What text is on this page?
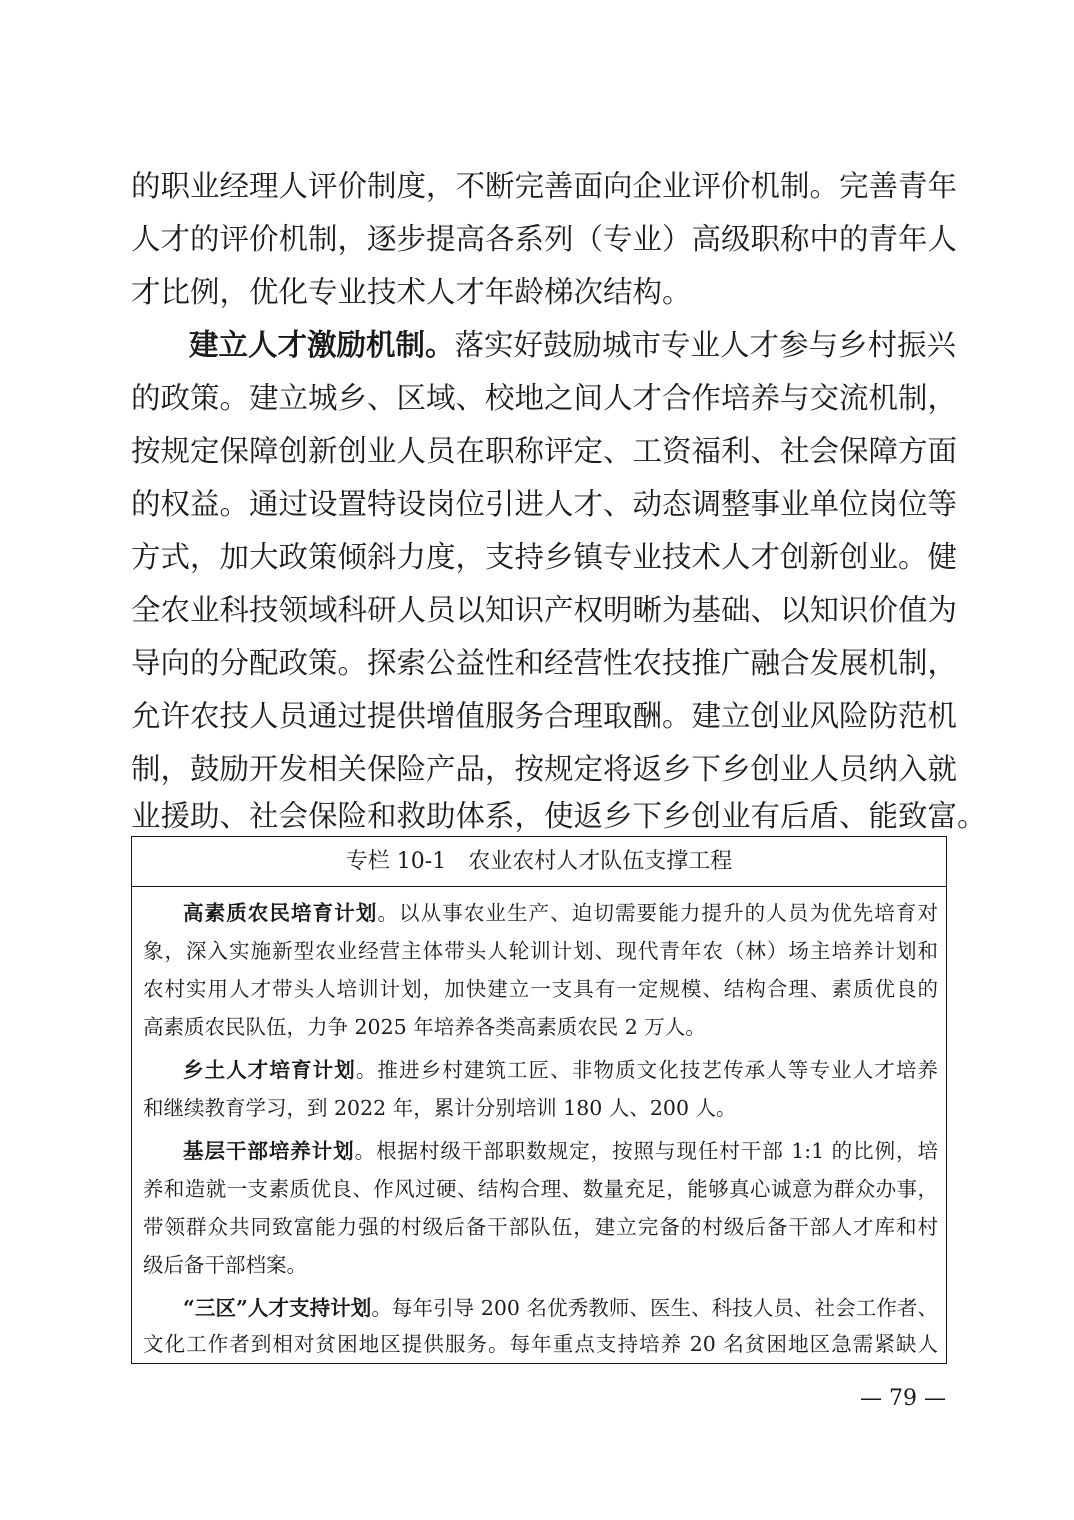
的职业经理人评价制度，不断完善面向企业评价机制。完善青年
人才的评价机制，逐步提高各系列（专业）高级职称中的青年人
才比例，优化专业技术人才年龄梯次结构。
建立人才激励机制。落实好鼓励城市专业人才参与乡村振兴
的政策。建立城乡、区域、校地之间人才合作培养与交流机制，
按规定保障创新创业人员在职称评定、工资福利、社会保障方面
的权益。通过设置特设岗位引进人才、动态调整事业单位岗位等
方式，加大政策倾斜力度，支持乡镇专业技术人才创新创业。健
全农业科技领域科研人员以知识产权明晰为基础、以知识价值为
导向的分配政策。探索公益性和经营性农技推广融合发展机制，
允许农技人员通过提供增值服务合理取酬。建立创业风险防范机
制，鼓励开发相关保险产品，按规定将返乡下乡创业人员纳入就
业援助、社会保险和救助体系，使返乡下乡创业有后盾、能致富。
专栏 10-1　农业农村人才队伍支撑工程
高素质农民培育计划。以从事农业生产、迫切需要能力提升的人员为优先培育对
象，深入实施新型农业经营主体带头人轮训计划、现代青年农（林）场主培养计划和
农村实用人才带头人培训计划，加快建立一支具有一定规模、结构合理、素质优良的
高素质农民队伍，力争 2025 年培养各类高素质农民 2 万人。
乡土人才培育计划。推进乡村建筑工匠、非物质文化技艺传承人等专业人才培养
和继续教育学习，到 2022 年，累计分别培训 180 人、200 人。
基层干部培养计划。根据村级干部职数规定，按照与现任村干部 1:1 的比例，培
养和造就一支素质优良、作风过硬、结构合理、数量充足，能够真心诚意为群众办事，
带领群众共同致富能力强的村级后备干部队伍，建立完备的村级后备干部人才库和村
级后备干部档案。
“三区”人才支持计划。每年引导 200 名优秀教师、医生、科技人员、社会工作者、
文化工作者到相对贫困地区提供服务。每年重点支持培养 20 名贫困地区急需紧缺人
— 79 —
